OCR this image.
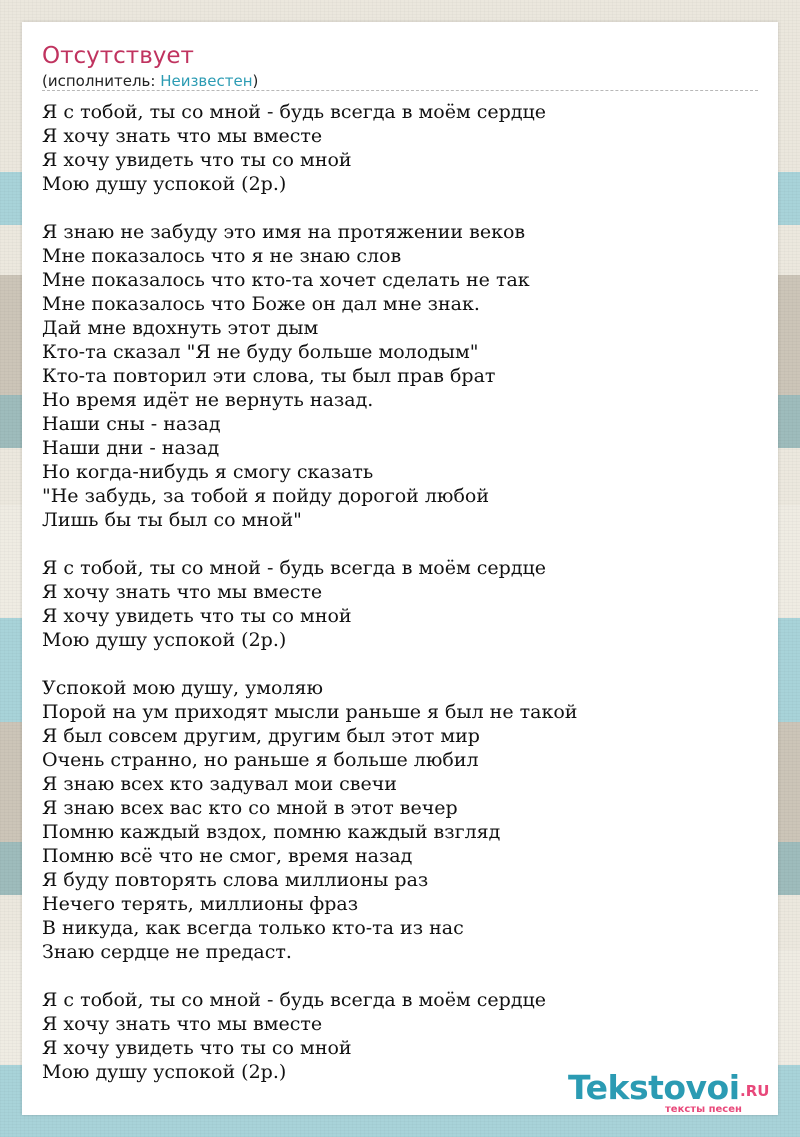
Отсутствует
(исполнитель: Неизвестен)
Я с тобой, ты со мной - будь всегда в моём сердце
Я хочу знать что мы вместе
Я хочу увидеть что ты со мной
Мою душу успокой (2р.)
Я знаю не забуду это имя на протяжении веков
Мне показалось что я не знаю слов
Мне показалось что кто-та хочет сделать не так
Мне показалось что Боже он дал мне знак.
Дай мне вдохнуть этот дым
Кто-та сказал "Я не буду больше молодым"
Кто-та повторил эти слова, ты был прав брат
Но время идёт не вернуть назад.
Наши сны - назад
Наши дни - назад
Но когда-нибудь я смогу сказать
"Не забудь, за тобой я пойду дорогой любой
Лишь бы ты был со мной"
Я с тобой, ты со мной - будь всегда в моём сердце
Я хочу знать что мы вместе
Я хочу увидеть что ты со мной
Мою душу успокой (2р.)
Успокой мою душу, умоляю
Порой на ум приходят мысли раньше я был не такой
Я был совсем другим, другим был этот мир
Очень странно, но раньше я больше любил
Я знаю всех кто задувал мои свечи
Я знаю всех вас кто со мной в этот вечер
Помню каждый вздох, помню каждый взгляд
Помню всё что не смог, время назад
Я буду повторять слова миллионы раз
Нечего терять, миллионы фраз
В никуда, как всегда только кто-та из нас
Знаю сердце не предаст.
Я с тобой, ты со мной - будь всегда в моём сердце
Я хочу знать что мы вместе
Я хочу увидеть что ты со мной
Мою душу успокой (2р.)	Tekstovoi .RU
тексты песен
